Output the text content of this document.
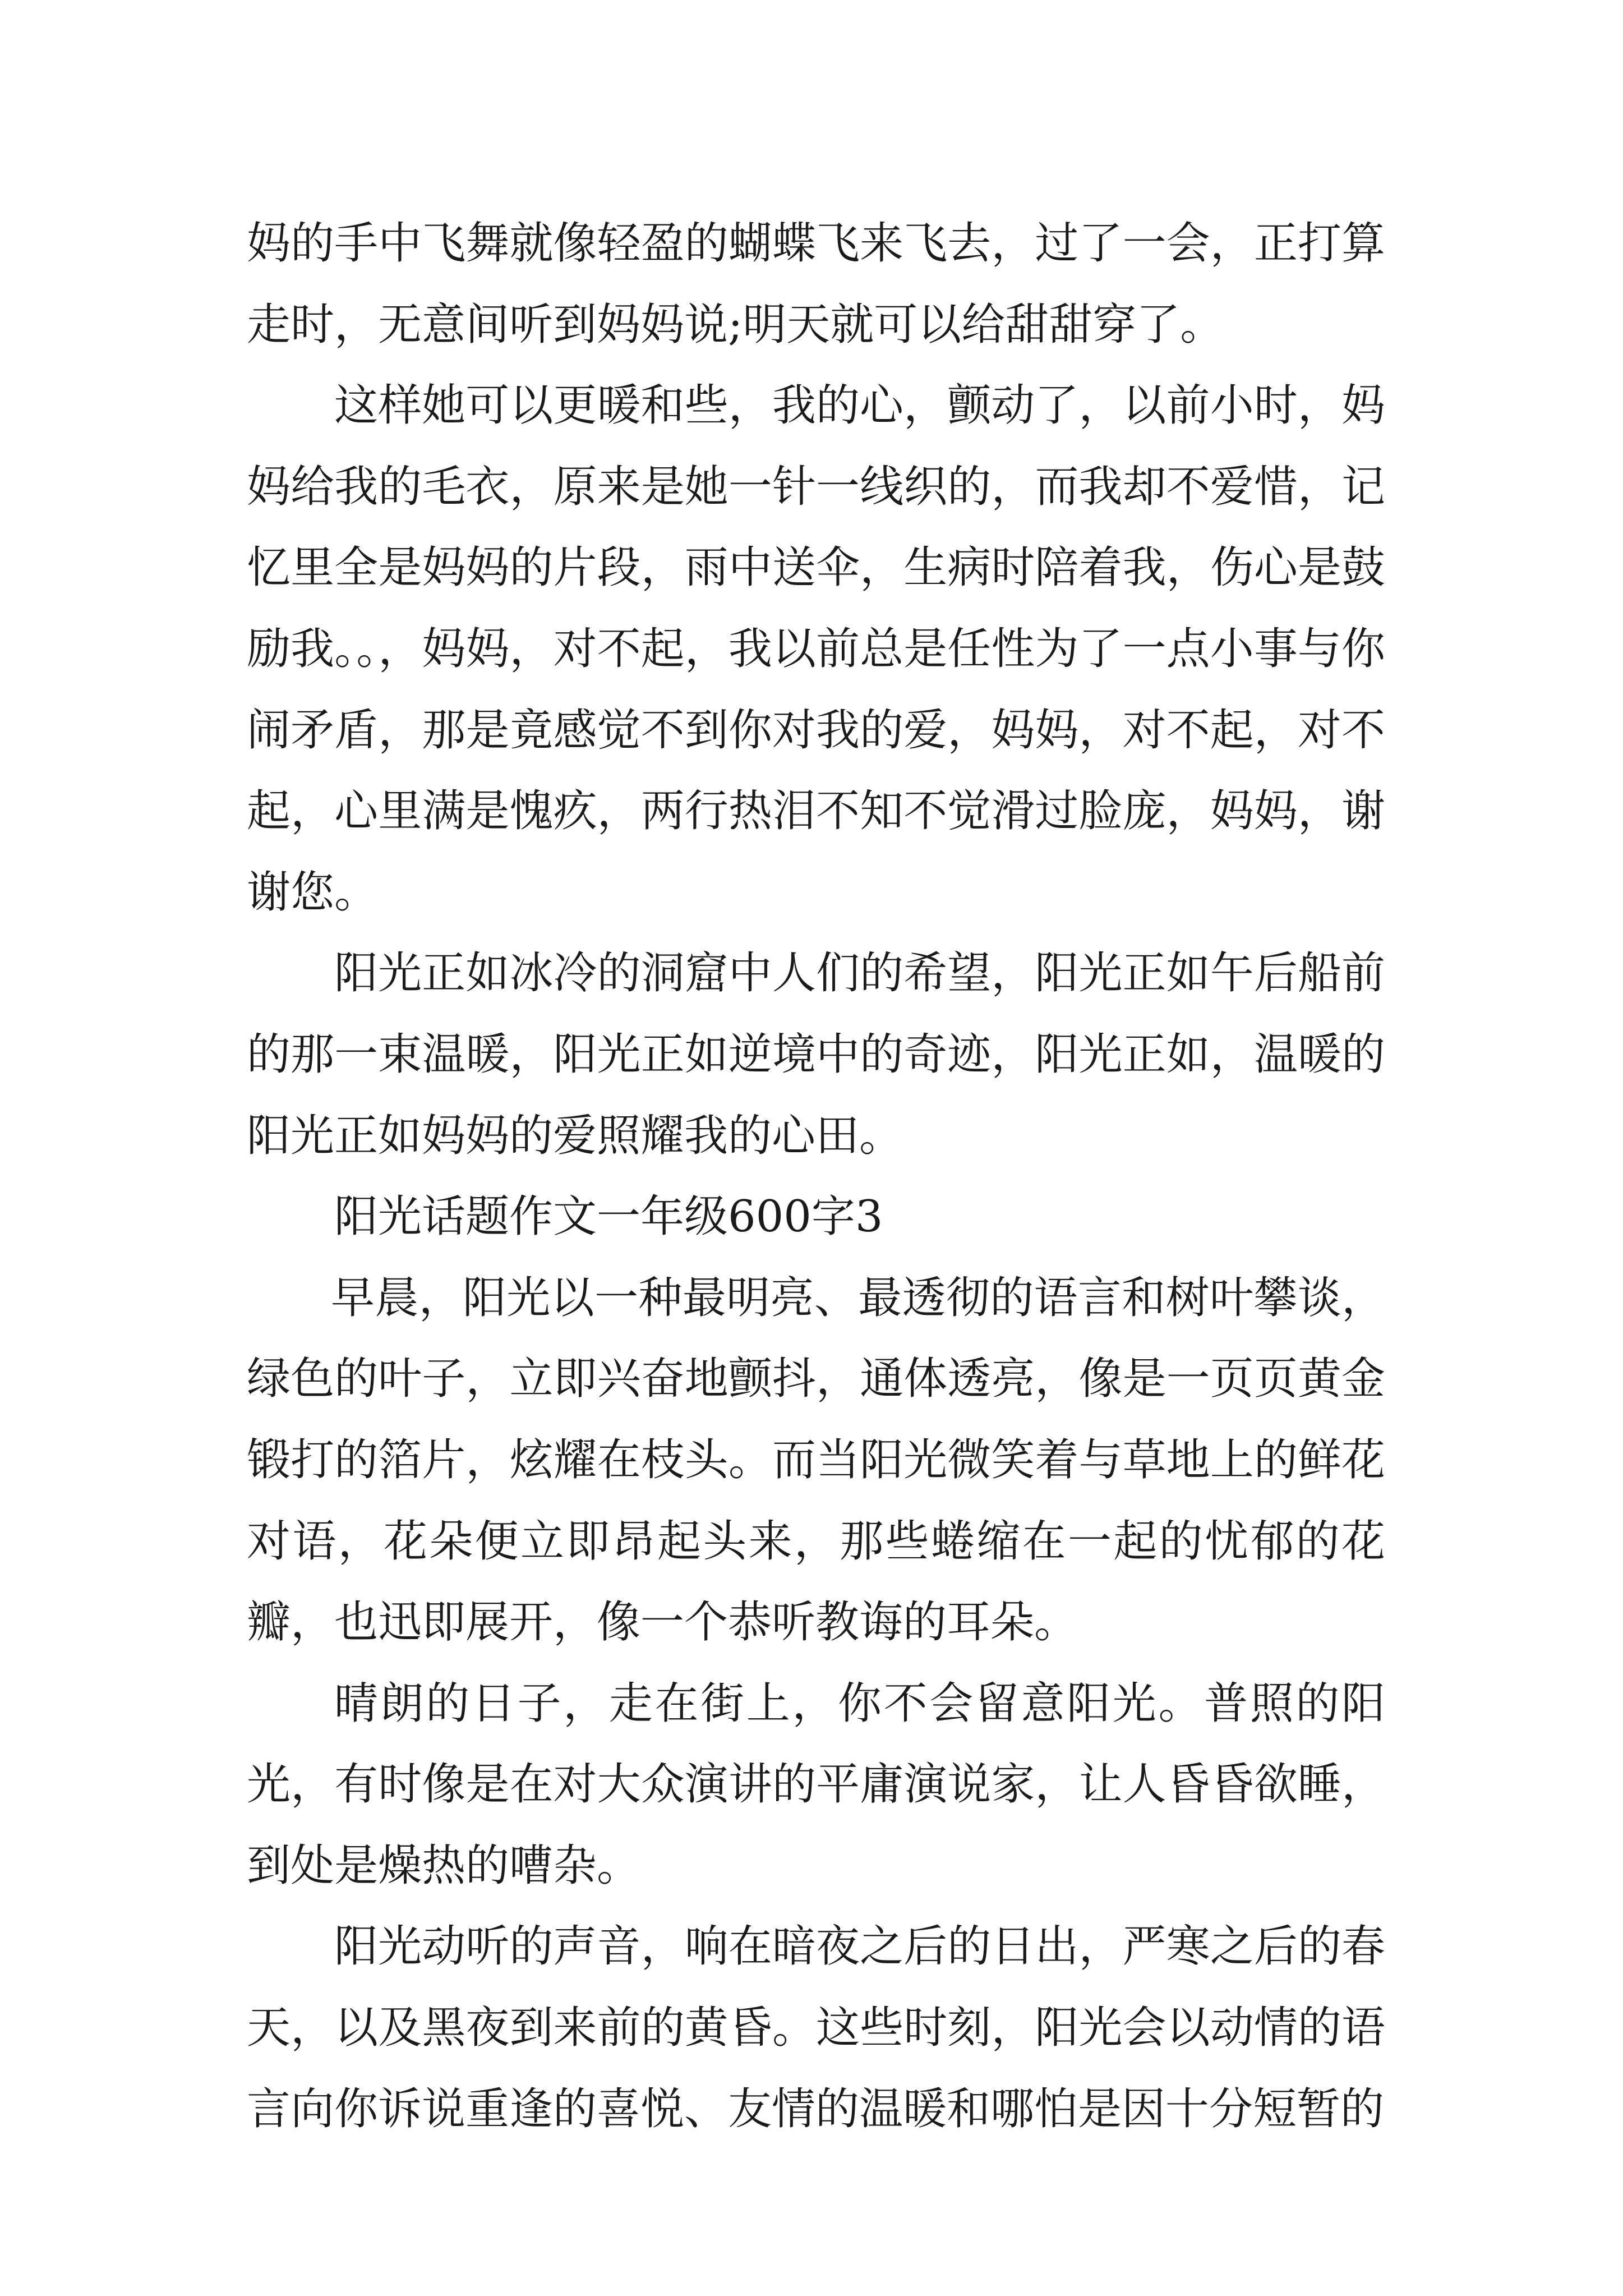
妈的手中飞舞就像轻盈的蝴蝶飞来飞去，过了一会，正打算走时，无意间听到妈妈说;明天就可以给甜甜穿了。

这样她可以更暖和些，我的心，颤动了，以前小时，妈妈给我的毛衣，原来是她一针一线织的，而我却不爱惜，记忆里全是妈妈的片段，雨中送伞，生病时陪着我，伤心是鼓励我。。，妈妈，对不起，我以前总是任性为了一点小事与你闹矛盾，那是竟感觉不到你对我的爱，妈妈，对不起，对不起，心里满是愧疚，两行热泪不知不觉滑过脸庞，妈妈，谢谢您。

阳光正如冰冷的洞窟中人们的希望，阳光正如午后船前的那一束温暖，阳光正如逆境中的奇迹，阳光正如，温暖的阳光正如妈妈的爱照耀我的心田。

阳光话题作文一年级600字3

早晨，阳光以一种最明亮、最透彻的语言和树叶攀谈，绿色的叶子，立即兴奋地颤抖，通体透亮，像是一页页黄金锻打的箔片，炫耀在枝头。而当阳光微笑着与草地上的鲜花对语，花朵便立即昂起头来，那些蜷缩在一起的忧郁的花瓣，也迅即展开，像一个恭听教诲的耳朵。

晴朗的日子，走在街上，你不会留意阳光。普照的阳光，有时像是在对大众演讲的平庸演说家，让人昏昏欲睡，到处是燥热的嘈杂。

阳光动听的声音，响在暗夜之后的日出，严寒之后的春天，以及黑夜到来前的黄昏。这些时刻，阳光会以动情的语言向你诉说重逢的喜悦、友情的温暖和哪怕是因十分短暂的
